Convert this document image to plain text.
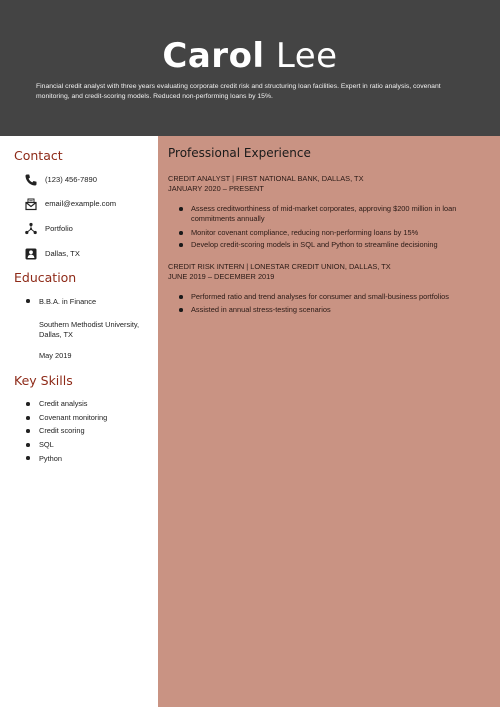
Carol Lee
Financial credit analyst with three years evaluating corporate credit risk and structuring loan facilities. Expert in ratio analysis, covenant monitoring, and credit-scoring models. Reduced non-performing loans by 15%.
Contact
(123) 456-7890
email@example.com
Portfolio
Dallas, TX
Education
B.B.A. in Finance
Southern Methodist University,
Dallas, TX
May 2019
Key Skills
Credit analysis
Covenant monitoring
Credit scoring
SQL
Python
Professional Experience
CREDIT ANALYST | FIRST NATIONAL BANK, DALLAS, TX
JANUARY 2020 – PRESENT
Assess creditworthiness of mid-market corporates, approving $200 million in loan commitments annually
Monitor covenant compliance, reducing non-performing loans by 15%
Develop credit-scoring models in SQL and Python to streamline decisioning
CREDIT RISK INTERN | LONESTAR CREDIT UNION, DALLAS, TX
JUNE 2019 – DECEMBER 2019
Performed ratio and trend analyses for consumer and small-business portfolios
Assisted in annual stress-testing scenarios
